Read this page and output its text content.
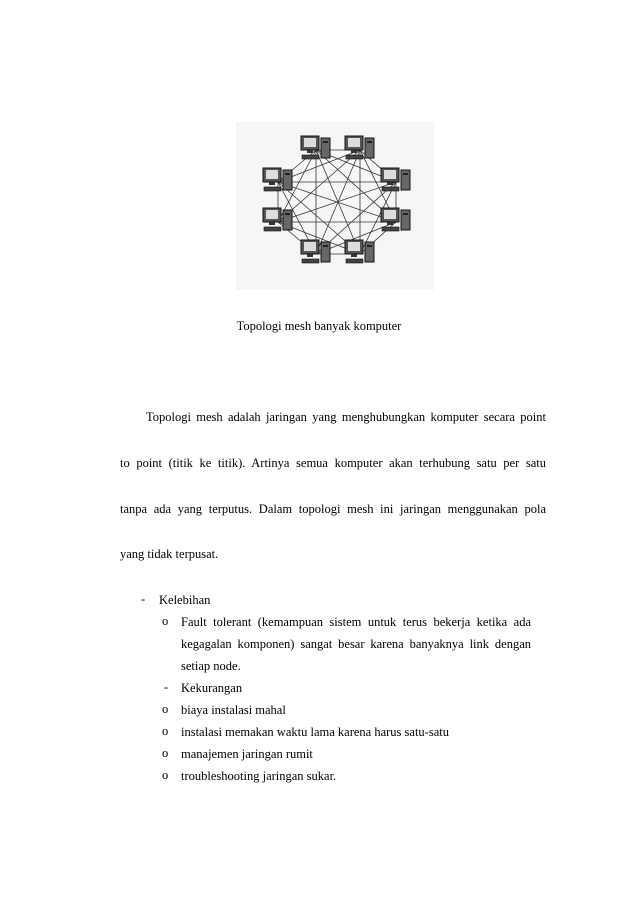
Topologi mesh banyak komputer
Topologi mesh adalah jaringan yang menghubungkan komputer secara point
to point (titik ke titik). Artinya semua komputer akan terhubung satu per satu
tanpa ada yang terputus. Dalam topologi mesh ini jaringan menggunakan pola
yang tidak terpusat.
- Kelebihan
o Fault tolerant (kemampuan sistem untuk terus bekerja ketika ada
kegagalan komponen) sangat besar karena banyaknya link dengan
setiap node.
- Kekurangan
o biaya instalasi mahal
o instalasi memakan waktu lama karena harus satu-satu
o manajemen jaringan rumit
o troubleshooting jaringan sukar.
